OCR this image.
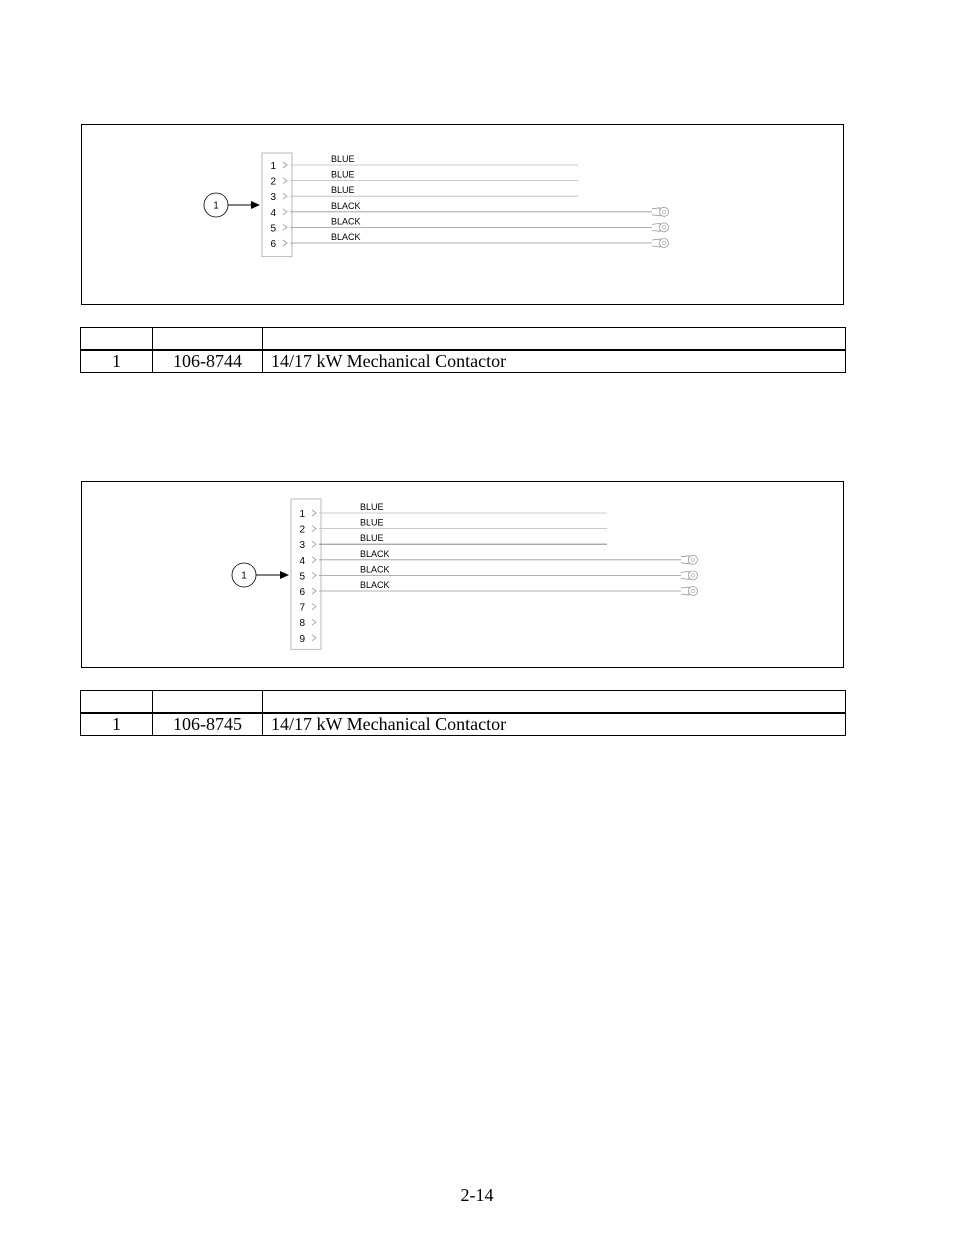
1
2
3
4
5
6
BLUE
BLUE
BLUE
BLACK
BLACK
BLACK
1

1	106-8744	14/17 kW Mechanical Contactor
1
2
3
4
5
6
7
8
9
BLUE
BLUE
BLUE
BLACK
BLACK
BLACK
1

1	106-8745	14/17 kW Mechanical Contactor
2-14
